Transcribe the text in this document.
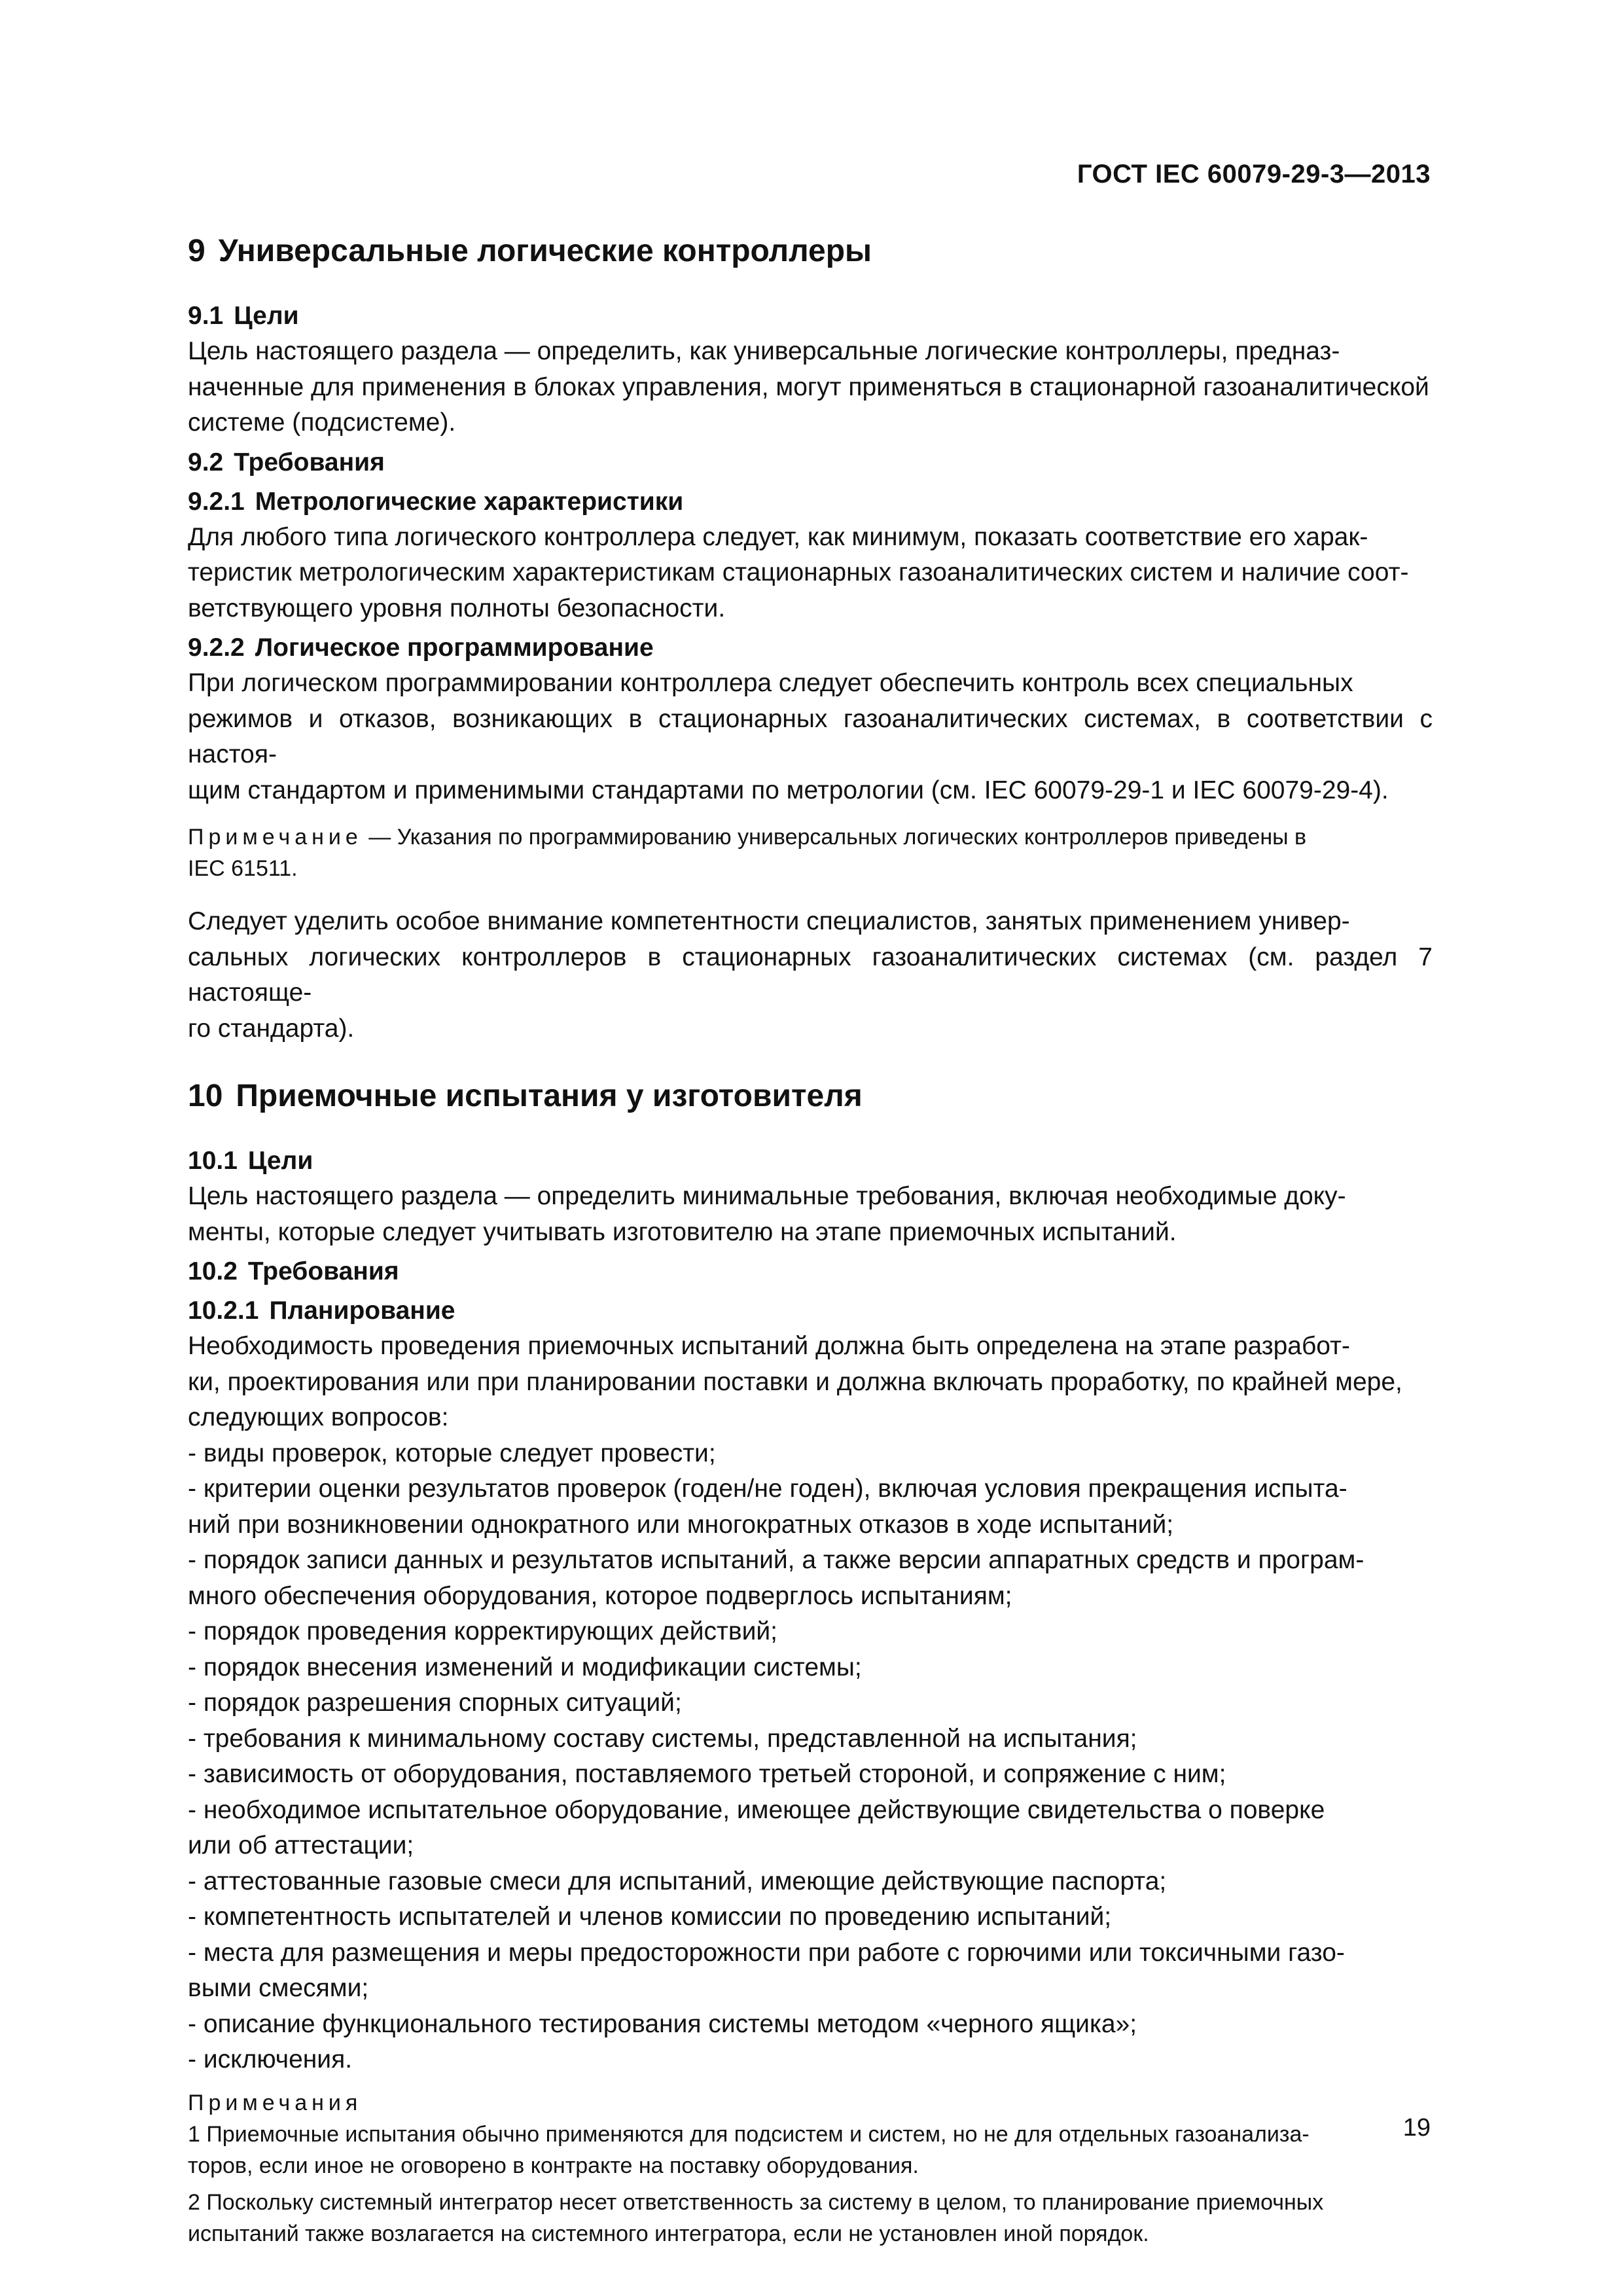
ГОСТ IEC 60079-29-3—2013
9 Универсальные логические контроллеры
9.1 Цели
Цель настоящего раздела — определить, как универсальные логические контроллеры, предназ-
наченные для применения в блоках управления, могут применяться в стационарной газоаналитической
системе (подсистеме).
9.2 Требования
9.2.1 Метрологические характеристики
Для любого типа логического контроллера следует, как минимум, показать соответствие его харак-
теристик метрологическим характеристикам стационарных газоаналитических систем и наличие соот-
ветствующего уровня полноты безопасности.
9.2.2 Логическое программирование
При логическом программировании контроллера следует обеспечить контроль всех специальных
режимов и отказов, возникающих в стационарных газоаналитических системах, в соответствии с настоя-
щим стандартом и применимыми стандартами по метрологии (см. IEC 60079-29-1 и IEC 60079-29-4).
Примечание — Указания по программированию универсальных логических контроллеров приведены в
IEC 61511.
Следует уделить особое внимание компетентности специалистов, занятых применением универ-
сальных логических контроллеров в стационарных газоаналитических системах (см. раздел 7 настояще-
го стандарта).
10 Приемочные испытания у изготовителя
10.1 Цели
Цель настоящего раздела — определить минимальные требования, включая необходимые доку-
менты, которые следует учитывать изготовителю на этапе приемочных испытаний.
10.2 Требования
10.2.1 Планирование
Необходимость проведения приемочных испытаний должна быть определена на этапе разработ-
ки, проектирования или при планировании поставки и должна включать проработку, по крайней мере,
следующих вопросов:
- виды проверок, которые следует провести;
- критерии оценки результатов проверок (годен/не годен), включая условия прекращения испыта-
ний при возникновении однократного или многократных отказов в ходе испытаний;
- порядок записи данных и результатов испытаний, а также версии аппаратных средств и програм-
много обеспечения оборудования, которое подверглось испытаниям;
- порядок проведения корректирующих действий;
- порядок внесения изменений и модификации системы;
- порядок разрешения спорных ситуаций;
- требования к минимальному составу системы, представленной на испытания;
- зависимость от оборудования, поставляемого третьей стороной, и сопряжение с ним;
- необходимое испытательное оборудование, имеющее действующие свидетельства о поверке
или об аттестации;
- аттестованные газовые смеси для испытаний, имеющие действующие паспорта;
- компетентность испытателей и членов комиссии по проведению испытаний;
- места для размещения и меры предосторожности при работе с горючими или токсичными газо-
выми смесями;
- описание функционального тестирования системы методом «черного ящика»;
- исключения.
Примечания
1 Приемочные испытания обычно применяются для подсистем и систем, но не для отдельных газоанализа-
торов, если иное не оговорено в контракте на поставку оборудования.
2 Поскольку системный интегратор несет ответственность за систему в целом, то планирование приемочных
испытаний также возлагается на системного интегратора, если не установлен иной порядок.
19
